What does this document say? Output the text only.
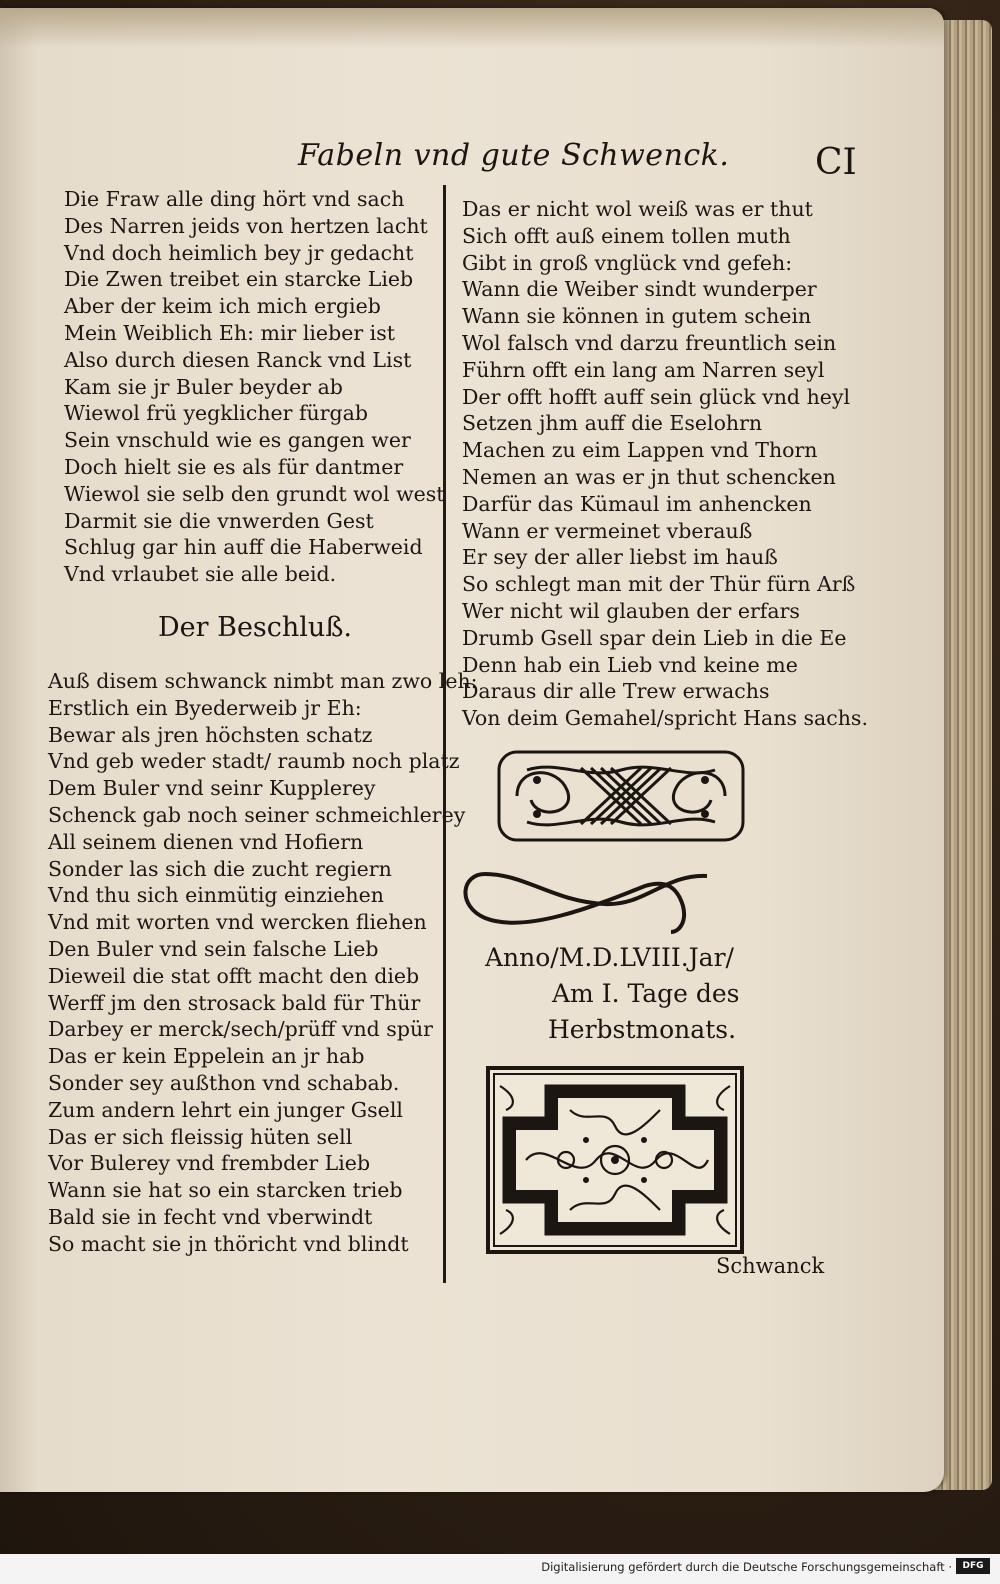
Fabeln vnd gute Schwenck.	CI
Die Fraw alle ding hört vnd sach
Des Narren jeids von hertzen lacht
Vnd doch heimlich bey jr gedacht
Die Zwen treibet ein starcke Lieb
Aber der keim ich mich ergieb
Mein Weiblich Eh: mir lieber ist
Also durch diesen Ranck vnd List
Kam sie jr Buler beyder ab
Wiewol frü yegklicher fürgab
Sein vnschuld wie es gangen wer
Doch hielt sie es als für dantmer
Wiewol sie selb den grundt wol west
Darmit sie die vnwerden Gest
Schlug gar hin auff die Haberweid
Vnd vrlaubet sie alle beid.
Der Beschluß.
Auß disem schwanck nimbt man zwo leh:
Erstlich ein Byederweib jr Eh:
Bewar als jren höchsten schatz
Vnd geb weder stadt/ raumb noch platz
Dem Buler vnd seinr Kupplerey
Schenck gab noch seiner schmeichlerey
All seinem dienen vnd Hofiern
Sonder las sich die zucht regiern
Vnd thu sich einmütig einziehen
Vnd mit worten vnd wercken fliehen
Den Buler vnd sein falsche Lieb
Dieweil die stat offt macht den dieb
Werff jm den strosack bald für Thür
Darbey er merck/sech/prüff vnd spür
Das er kein Eppelein an jr hab
Sonder sey außthon vnd schabab.
Zum andern lehrt ein junger Gsell
Das er sich fleissig hüten sell
Vor Bulerey vnd frembder Lieb
Wann sie hat so ein starcken trieb
Bald sie in fecht vnd vberwindt
So macht sie jn thöricht vnd blindt
Das er nicht wol weiß was er thut
Sich offt auß einem tollen muth
Gibt in groß vnglück vnd gefeh:
Wann die Weiber sindt wunderper
Wann sie können in gutem schein
Wol falsch vnd darzu freuntlich sein
Führn offt ein lang am Narren seyl
Der offt hofft auff sein glück vnd heyl
Setzen jhm auff die Eselohrn
Machen zu eim Lappen vnd Thorn
Nemen an was er jn thut schencken
Darfür das Kümaul im anhencken
Wann er vermeinet vberauß
Er sey der aller liebst im hauß
So schlegt man mit der Thür fürn Arß
Wer nicht wil glauben der erfars
Drumb Gsell spar dein Lieb in die Ee
Denn hab ein Lieb vnd keine me
Daraus dir alle Trew erwachs
Von deim Gemahel/spricht Hans sachs.
Anno/M.D.LVIII.Jar/
Am I. Tage des
Herbstmonats.
Schwanck
Digitalisierung gefördert durch die Deutsche Forschungsgemeinschaft ·	DFG
